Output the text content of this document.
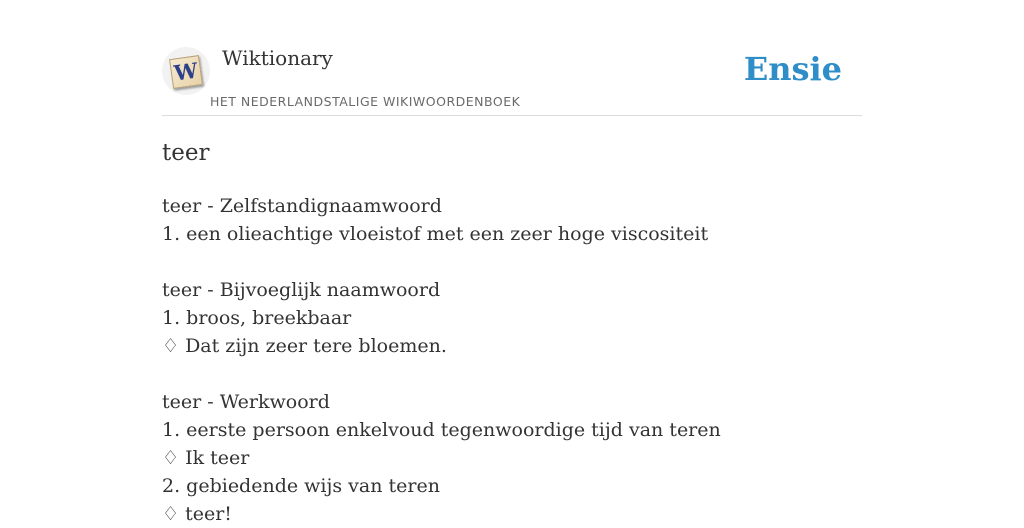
W Wiktionary
HET NEDERLANDSTALIGE WIKIWOORDENBOEK
Ensie
teer
teer - Zelfstandignaamwoord
1. een olieachtige vloeistof met een zeer hoge viscositeit
teer - Bijvoeglijk naamwoord
1. broos, breekbaar
♢ Dat zijn zeer tere bloemen.
teer - Werkwoord
1. eerste persoon enkelvoud tegenwoordige tijd van teren
♢ Ik teer
2. gebiedende wijs van teren
♢ teer!
